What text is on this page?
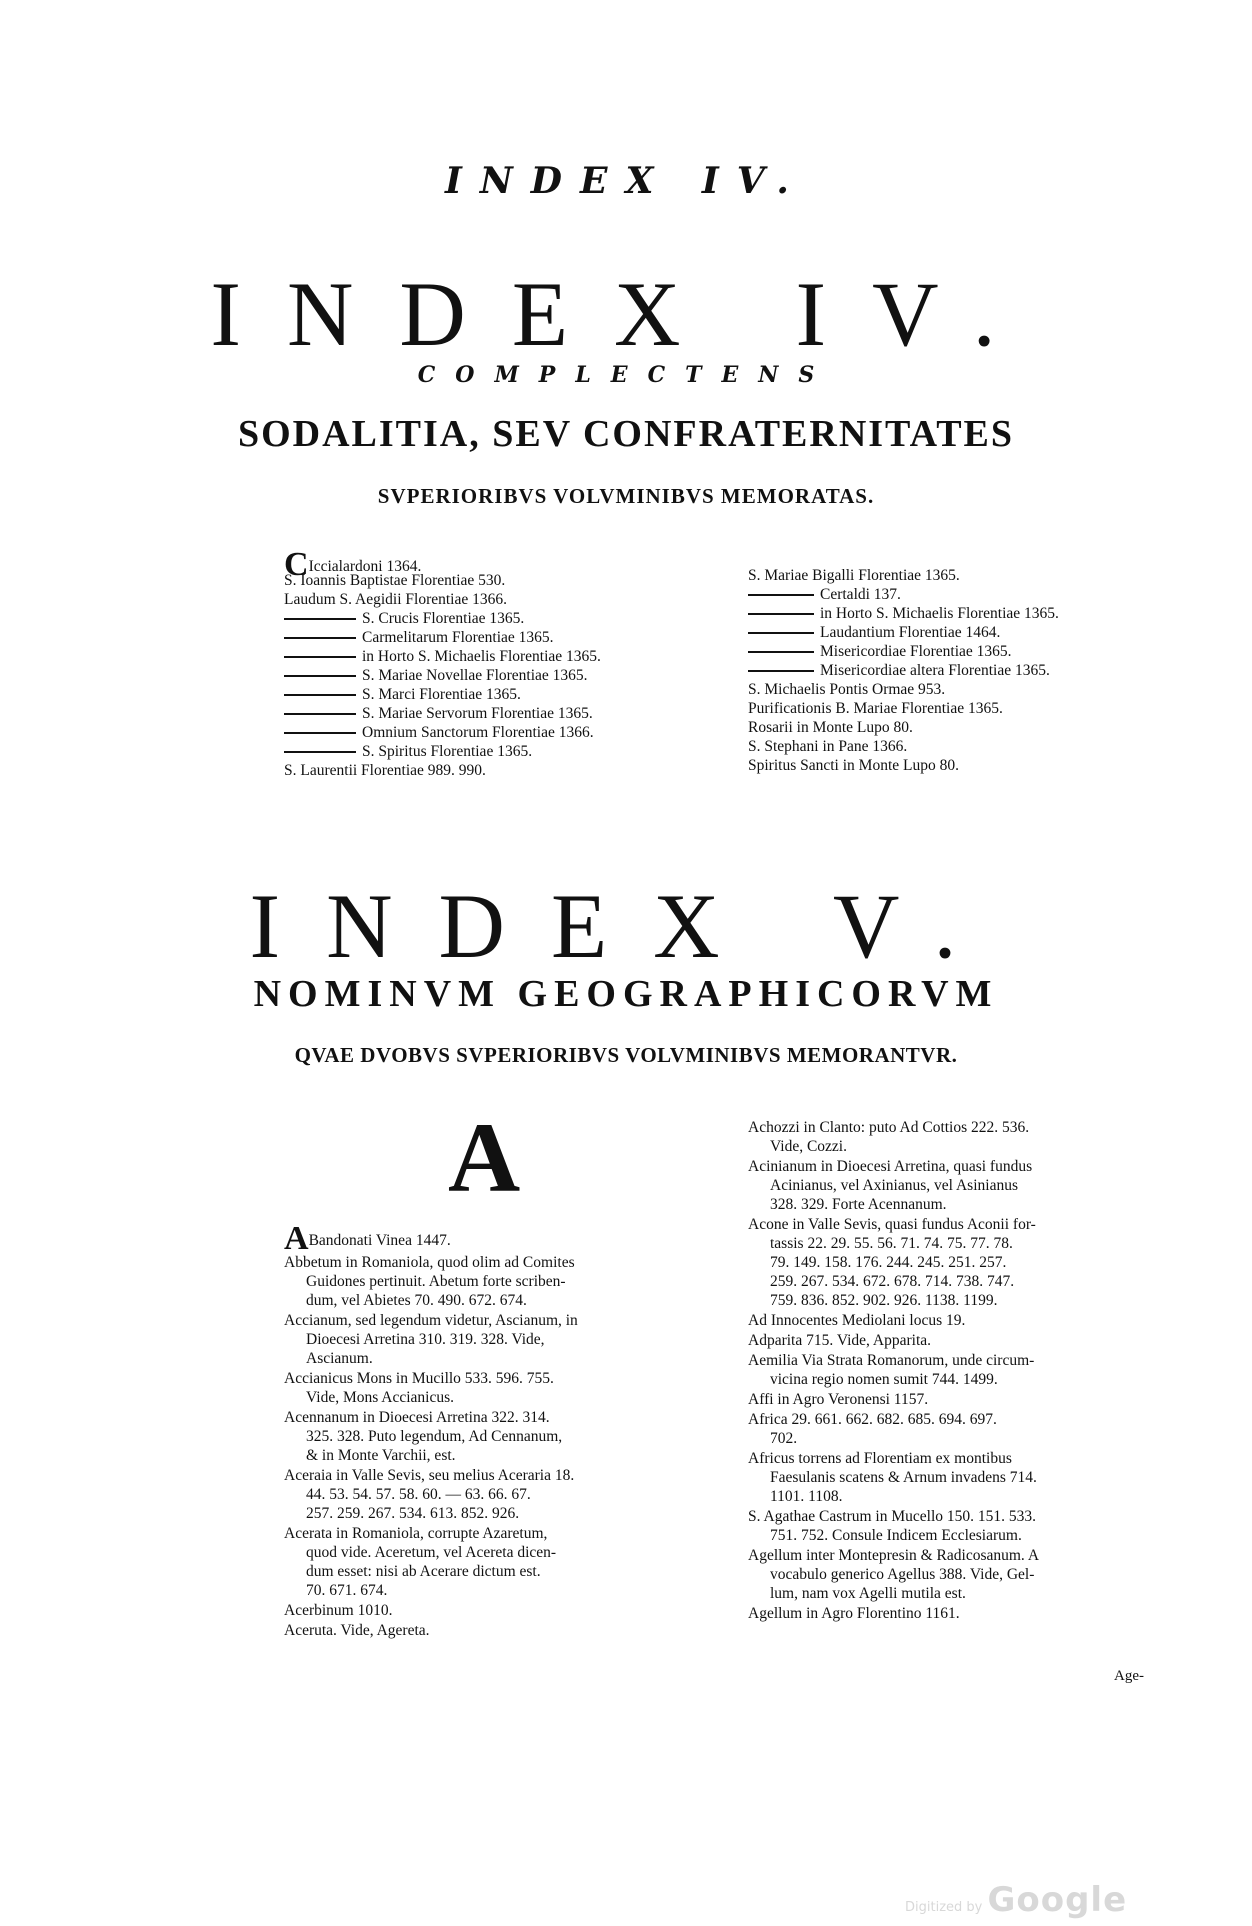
INDEX IV.
INDEX IV.
COMPLECTENS
SODALITIA, SEV CONFRATERNITATES
SVPERIORIBVS VOLVMINIBVS MEMORATAS.
CIccialardoni 1364.
S. Ioannis Baptistae Florentiae 530.
Laudum S. Aegidii Florentiae 1366.
S. Crucis Florentiae 1365.
Carmelitarum Florentiae 1365.
in Horto S. Michaelis Florentiae 1365.
S. Mariae Novellae Florentiae 1365.
S. Marci Florentiae 1365.
S. Mariae Servorum Florentiae 1365.
Omnium Sanctorum Florentiae 1366.
S. Spiritus Florentiae 1365.
S. Laurentii Florentiae 989. 990.
S. Mariae Bigalli Florentiae 1365.
Certaldi 137.
in Horto S. Michaelis Florentiae 1365.
Laudantium Florentiae 1464.
Misericordiae Florentiae 1365.
Misericordiae altera Florentiae 1365.
S. Michaelis Pontis Ormae 953.
Purificationis B. Mariae Florentiae 1365.
Rosarii in Monte Lupo 80.
S. Stephani in Pane 1366.
Spiritus Sancti in Monte Lupo 80.
INDEX V.
NOMINVM GEOGRAPHICORVM
QVAE DVOBVS SVPERIORIBVS VOLVMINIBVS MEMORANTVR.
A
ABandonati Vinea 1447.
Abbetum in Romaniola, quod olim ad Comites
Guidones pertinuit. Abetum forte scriben-
dum, vel Abietes 70. 490. 672. 674.
Accianum, sed legendum videtur, Ascianum, in
Dioecesi Arretina 310. 319. 328. Vide,
Ascianum.
Accianicus Mons in Mucillo 533. 596. 755.
Vide, Mons Accianicus.
Acennanum in Dioecesi Arretina 322. 314.
325. 328. Puto legendum, Ad Cennanum,
& in Monte Varchii, est.
Aceraia in Valle Sevis, seu melius Aceraria 18.
44. 53. 54. 57. 58. 60. — 63. 66. 67.
257. 259. 267. 534. 613. 852. 926.
Acerata in Romaniola, corrupte Azaretum,
quod vide. Aceretum, vel Acereta dicen-
dum esset: nisi ab Acerare dictum est.
70. 671. 674.
Acerbinum 1010.
Aceruta. Vide, Agereta.
Achozzi in Clanto: puto Ad Cottios 222. 536.
Vide, Cozzi.
Acinianum in Dioecesi Arretina, quasi fundus
Acinianus, vel Axinianus, vel Asinianus
328. 329. Forte Acennanum.
Acone in Valle Sevis, quasi fundus Aconii for-
tassis 22. 29. 55. 56. 71. 74. 75. 77. 78.
79. 149. 158. 176. 244. 245. 251. 257.
259. 267. 534. 672. 678. 714. 738. 747.
759. 836. 852. 902. 926. 1138. 1199.
Ad Innocentes Mediolani locus 19.
Adparita 715. Vide, Apparita.
Aemilia Via Strata Romanorum, unde circum-
vicina regio nomen sumit 744. 1499.
Affi in Agro Veronensi 1157.
Africa 29. 661. 662. 682. 685. 694. 697.
702.
Africus torrens ad Florentiam ex montibus
Faesulanis scatens & Arnum invadens 714.
1101. 1108.
S. Agathae Castrum in Mucello 150. 151. 533.
751. 752. Consule Indicem Ecclesiarum.
Agellum inter Montepresin & Radicosanum. A
vocabulo generico Agellus 388. Vide, Gel-
lum, nam vox Agelli mutila est.
Agellum in Agro Florentino 1161.
Age-
Digitized by Google
